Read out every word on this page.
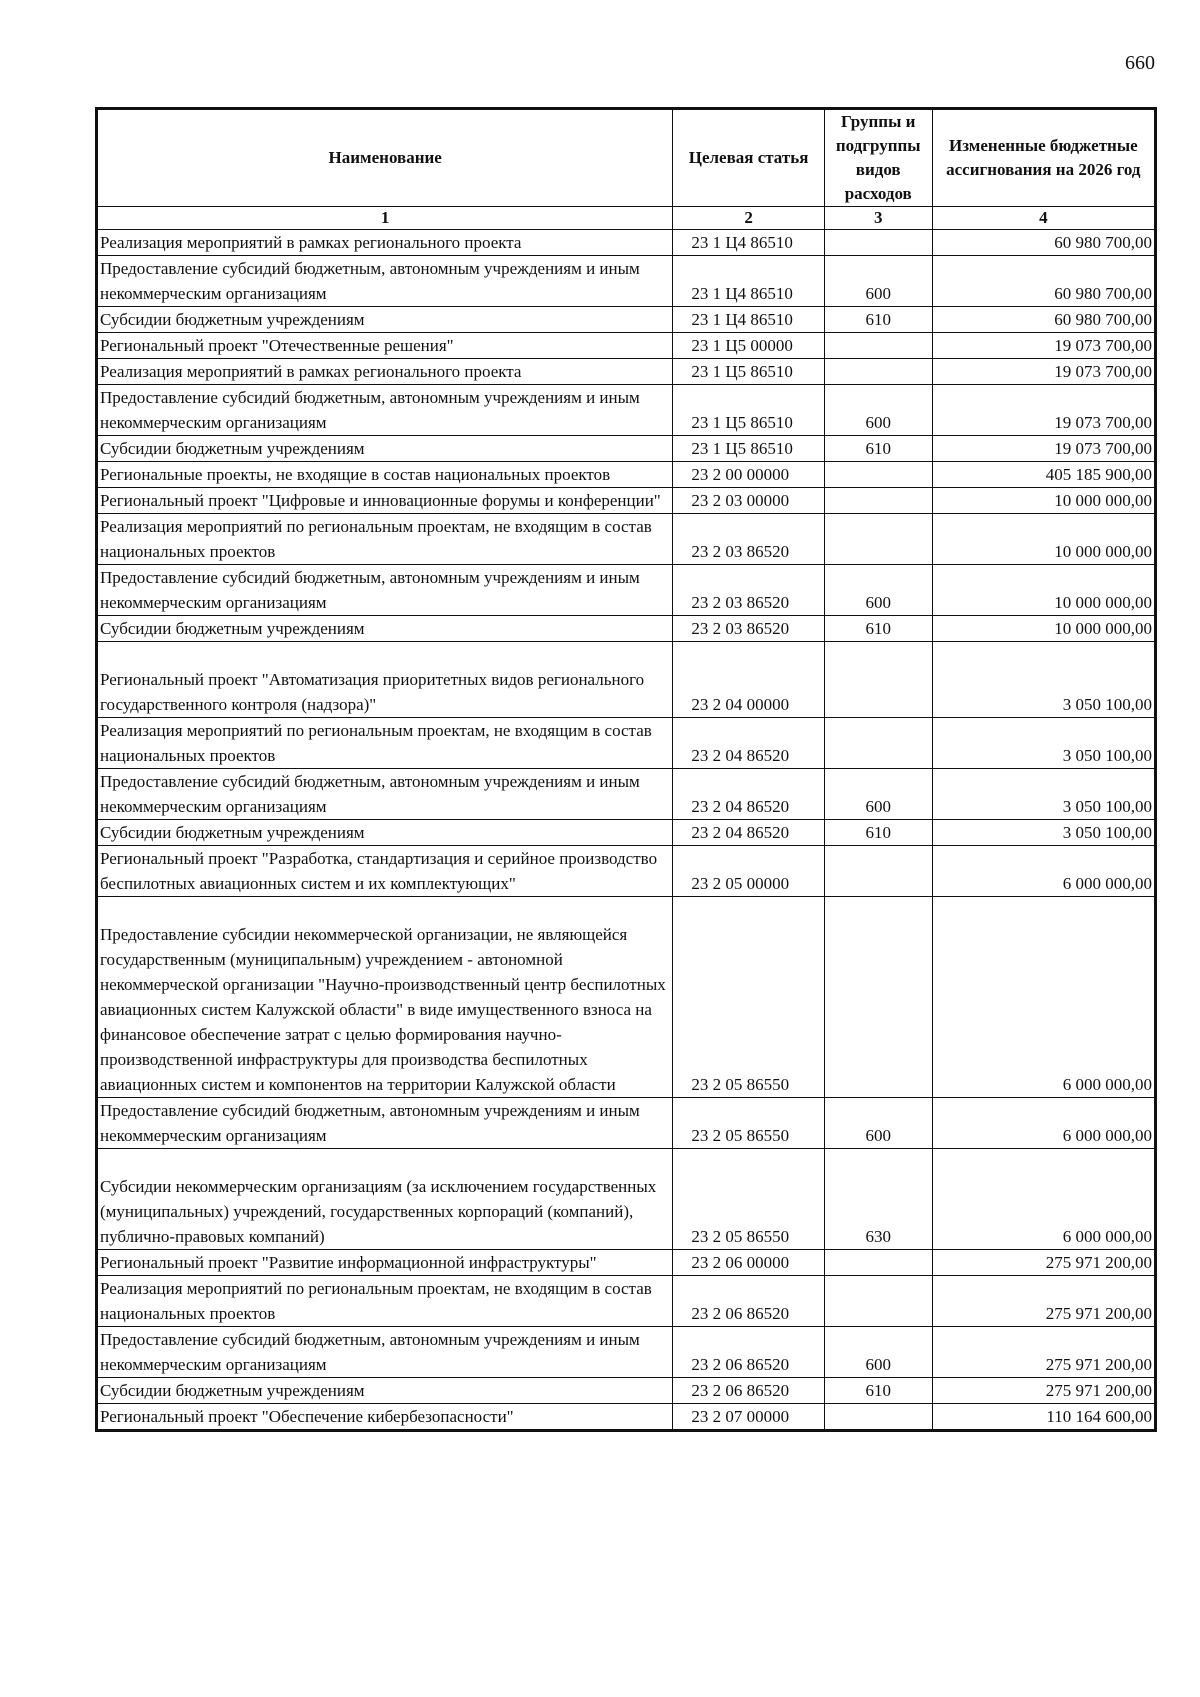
660
Наименование	Целевая статья	Группы и подгруппы видов расходов	Измененные бюджетные ассигнования на 2026 год
1	2	3	4
Реализация мероприятий в рамках регионального проекта	23 1 Ц4 86510		60 980 700,00
Предоставление субсидий бюджетным, автономным учреждениям и иным некоммерческим организациям	23 1 Ц4 86510	600	60 980 700,00
Субсидии бюджетным учреждениям	23 1 Ц4 86510	610	60 980 700,00
Региональный проект "Отечественные решения"	23 1 Ц5 00000		19 073 700,00
Реализация мероприятий в рамках регионального проекта	23 1 Ц5 86510		19 073 700,00
Предоставление субсидий бюджетным, автономным учреждениям и иным некоммерческим организациям	23 1 Ц5 86510	600	19 073 700,00
Субсидии бюджетным учреждениям	23 1 Ц5 86510	610	19 073 700,00
Региональные проекты, не входящие в состав национальных проектов	23 2 00 00000		405 185 900,00
Региональный проект "Цифровые и инновационные форумы и конференции"	23 2 03 00000		10 000 000,00
Реализация мероприятий по региональным проектам, не входящим в состав национальных проектов	23 2 03 86520		10 000 000,00
Предоставление субсидий бюджетным, автономным учреждениям и иным некоммерческим организациям	23 2 03 86520	600	10 000 000,00
Субсидии бюджетным учреждениям	23 2 03 86520	610	10 000 000,00
Региональный проект "Автоматизация приоритетных видов регионального государственного контроля (надзора)"	23 2 04 00000		3 050 100,00
Реализация мероприятий по региональным проектам, не входящим в состав национальных проектов	23 2 04 86520		3 050 100,00
Предоставление субсидий бюджетным, автономным учреждениям и иным некоммерческим организациям	23 2 04 86520	600	3 050 100,00
Субсидии бюджетным учреждениям	23 2 04 86520	610	3 050 100,00
Региональный проект "Разработка, стандартизация и серийное производство беспилотных авиационных систем и их комплектующих"	23 2 05 00000		6 000 000,00
Предоставление субсидии некоммерческой организации, не являющейся государственным (муниципальным) учреждением - автономной некоммерческой организации "Научно-производственный центр беспилотных авиационных систем Калужской области" в виде имущественного взноса на финансовое обеспечение затрат с целью формирования научно-производственной инфраструктуры для производства беспилотных авиационных систем и компонентов на территории Калужской области	23 2 05 86550		6 000 000,00
Предоставление субсидий бюджетным, автономным учреждениям и иным некоммерческим организациям	23 2 05 86550	600	6 000 000,00
Субсидии некоммерческим организациям (за исключением государственных (муниципальных) учреждений, государственных корпораций (компаний), публично-правовых компаний)	23 2 05 86550	630	6 000 000,00
Региональный проект "Развитие информационной инфраструктуры"	23 2 06 00000		275 971 200,00
Реализация мероприятий по региональным проектам, не входящим в состав национальных проектов	23 2 06 86520		275 971 200,00
Предоставление субсидий бюджетным, автономным учреждениям и иным некоммерческим организациям	23 2 06 86520	600	275 971 200,00
Субсидии бюджетным учреждениям	23 2 06 86520	610	275 971 200,00
Региональный проект "Обеспечение кибербезопасности"	23 2 07 00000		110 164 600,00
